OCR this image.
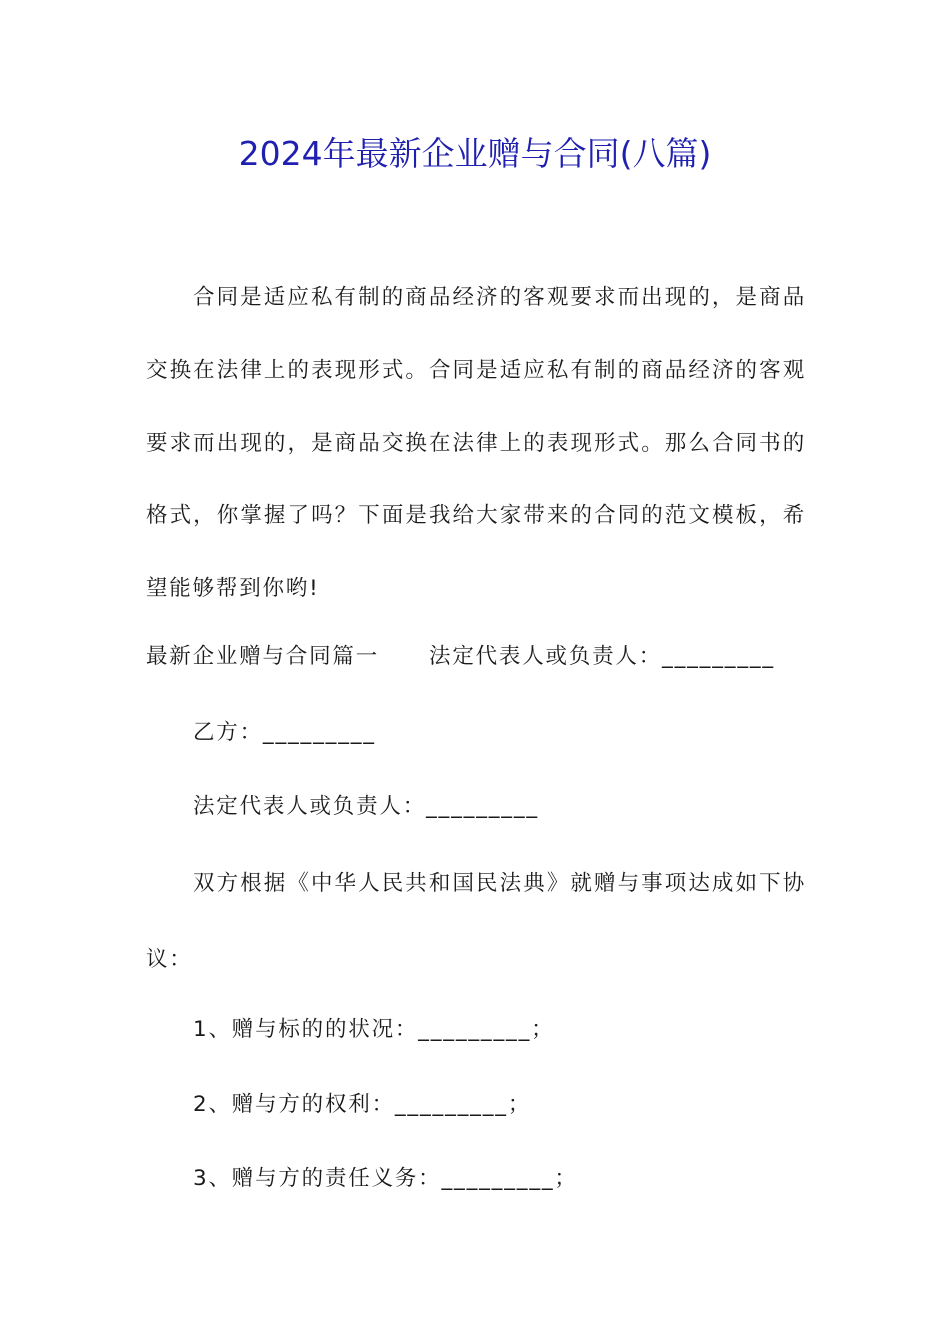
2024年最新企业赠与合同(八篇)

合同是适应私有制的商品经济的客观要求而出现的，是商品交换在法律上的表现形式。合同是适应私有制的商品经济的客观要求而出现的，是商品交换在法律上的表现形式。那么合同书的格式，你掌握了吗？下面是我给大家带来的合同的范文模板，希望能够帮到你哟!

最新企业赠与合同篇一 法定代表人或负责人：_________
乙方：_________
法定代表人或负责人：_________

双方根据《中华人民共和国民法典》就赠与事项达成如下协议：

1、赠与标的的状况：_________；
2、赠与方的权利：_________；
3、赠与方的责任义务：_________；
